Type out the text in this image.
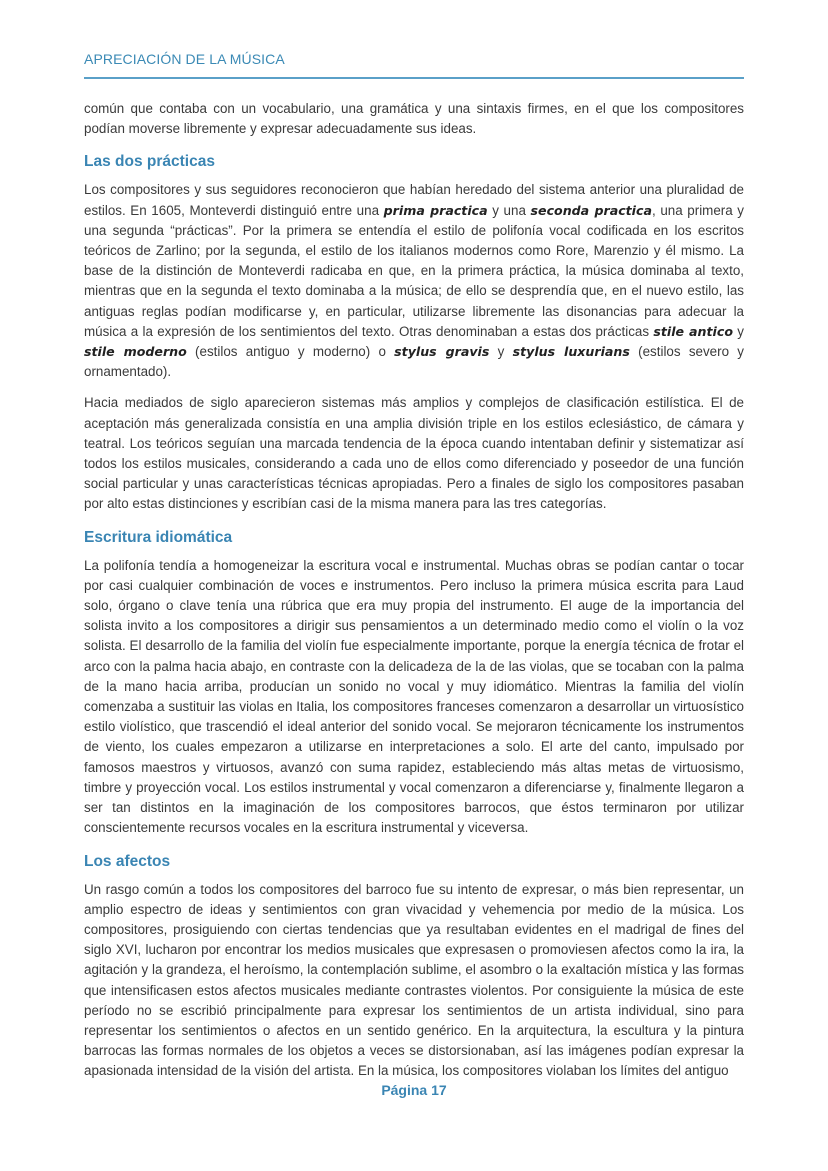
APRECIACIÓN DE LA MÚSICA

común que contaba con un vocabulario, una gramática y una sintaxis firmes, en el que los compositores podían moverse libremente y expresar adecuadamente sus ideas.

Las dos prácticas

Los compositores y sus seguidores reconocieron que habían heredado del sistema anterior una pluralidad de estilos. En 1605, Monteverdi distinguió entre una prima practica y una seconda practica, una primera y una segunda “prácticas”. Por la primera se entendía el estilo de polifonía vocal codificada en los escritos teóricos de Zarlino; por la segunda, el estilo de los italianos modernos como Rore, Marenzio y él mismo. La base de la distinción de Monteverdi radicaba en que, en la primera práctica, la música dominaba al texto, mientras que en la segunda el texto dominaba a la música; de ello se desprendía que, en el nuevo estilo, las antiguas reglas podían modificarse y, en particular, utilizarse libremente las disonancias para adecuar la música a la expresión de los sentimientos del texto. Otras denominaban a estas dos prácticas stile antico y stile moderno (estilos antiguo y moderno) o stylus gravis y stylus luxurians (estilos severo y ornamentado).

Hacia mediados de siglo aparecieron sistemas más amplios y complejos de clasificación estilística. El de aceptación más generalizada consistía en una amplia división triple en los estilos eclesiástico, de cámara y teatral. Los teóricos seguían una marcada tendencia de la época cuando intentaban definir y sistematizar así todos los estilos musicales, considerando a cada uno de ellos como diferenciado y poseedor de una función social particular y unas características técnicas apropiadas. Pero a finales de siglo los compositores pasaban por alto estas distinciones y escribían casi de la misma manera para las tres categorías.

Escritura idiomática

La polifonía tendía a homogeneizar la escritura vocal e instrumental. Muchas obras se podían cantar o tocar por casi cualquier combinación de voces e instrumentos. Pero incluso la primera música escrita para Laud solo, órgano o clave tenía una rúbrica que era muy propia del instrumento. El auge de la importancia del solista invito a los compositores a dirigir sus pensamientos a un determinado medio como el violín o la voz solista. El desarrollo de la familia del violín fue especialmente importante, porque la energía técnica de frotar el arco con la palma hacia abajo, en contraste con la delicadeza de la de las violas, que se tocaban con la palma de la mano hacia arriba, producían un sonido no vocal y muy idiomático. Mientras la familia del violín comenzaba a sustituir las violas en Italia, los compositores franceses comenzaron a desarrollar un virtuosístico estilo violístico, que trascendió el ideal anterior del sonido vocal. Se mejoraron técnicamente los instrumentos de viento, los cuales empezaron a utilizarse en interpretaciones a solo. El arte del canto, impulsado por famosos maestros y virtuosos, avanzó con suma rapidez, estableciendo más altas metas de virtuosismo, timbre y proyección vocal. Los estilos instrumental y vocal comenzaron a diferenciarse y, finalmente llegaron a ser tan distintos en la imaginación de los compositores barrocos, que éstos terminaron por utilizar conscientemente recursos vocales en la escritura instrumental y viceversa.

Los afectos

Un rasgo común a todos los compositores del barroco fue su intento de expresar, o más bien representar, un amplio espectro de ideas y sentimientos con gran vivacidad y vehemencia por medio de la música. Los compositores, prosiguiendo con ciertas tendencias que ya resultaban evidentes en el madrigal de fines del siglo XVI, lucharon por encontrar los medios musicales que expresasen o promoviesen afectos como la ira, la agitación y la grandeza, el heroísmo, la contemplación sublime, el asombro o la exaltación mística y las formas que intensificasen estos afectos musicales mediante contrastes violentos. Por consiguiente la música de este período no se escribió principalmente para expresar los sentimientos de un artista individual, sino para representar los sentimientos o afectos en un sentido genérico. En la arquitectura, la escultura y la pintura barrocas las formas normales de los objetos a veces se distorsionaban, así las imágenes podían expresar la apasionada intensidad de la visión del artista. En la música, los compositores violaban los límites del antiguo

Página 17
